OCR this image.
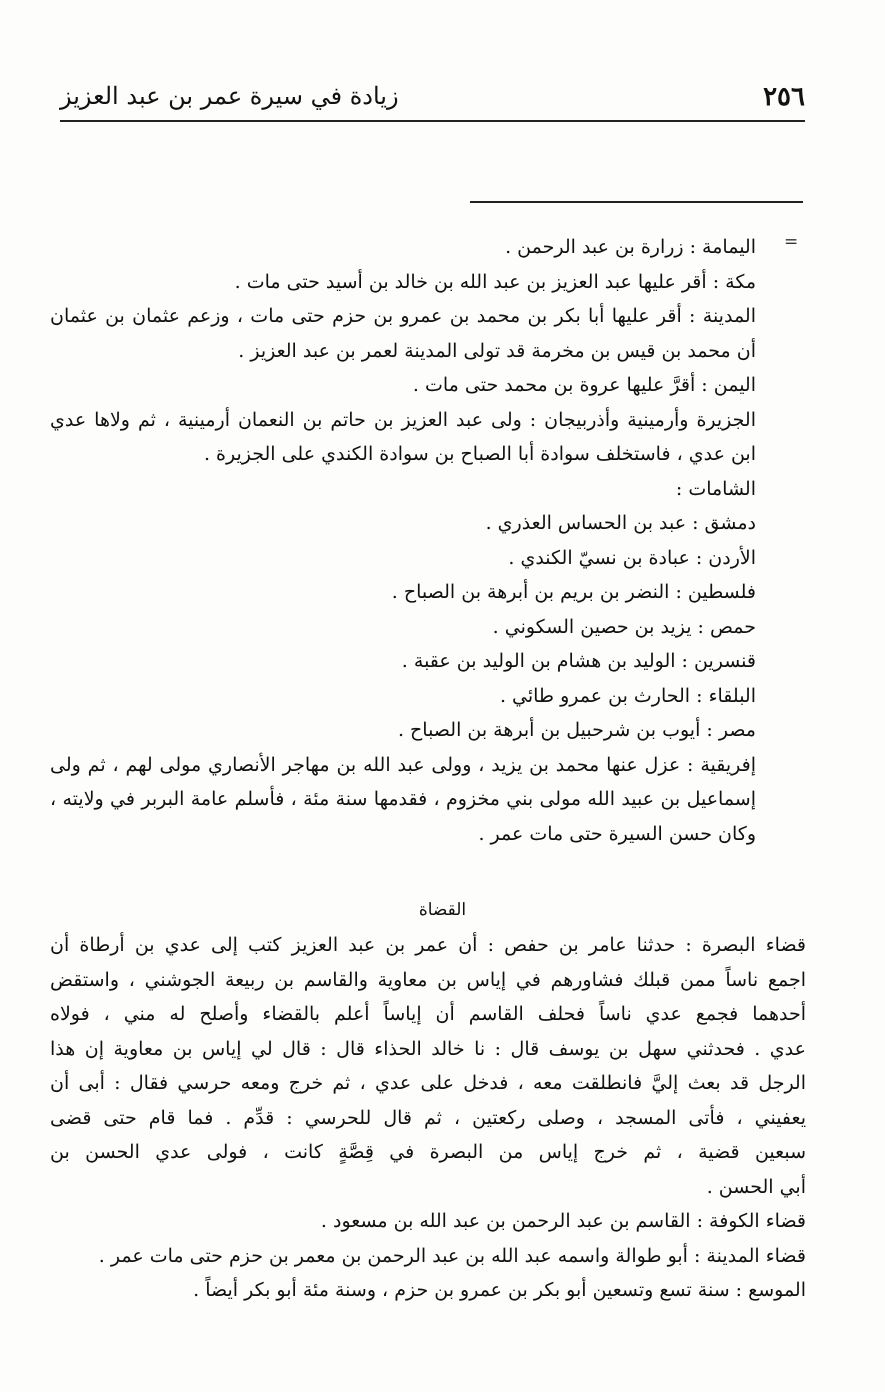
٢٥٦
زيادة في سيرة عمر بن عبد العزيز
=
اليمامة : زرارة بن عبد الرحمن .
مكة : أقر عليها عبد العزيز بن عبد الله بن خالد بن أسيد حتى مات .
المدينة : أقر عليها أبا بكر بن محمد بن عمرو بن حزم حتى مات ، وزعم عثمان بن عثمان
أن محمد بن قيس بن مخرمة قد تولى المدينة لعمر بن عبد العزيز .
اليمن : أقرَّ عليها عروة بن محمد حتى مات .
الجزيرة وأرمينية وأذربيجان : ولى عبد العزيز بن حاتم بن النعمان أرمينية ، ثم ولاها عدي
ابن عدي ، فاستخلف سوادة أبا الصباح بن سوادة الكندي على الجزيرة .
الشامات :
دمشق : عبد بن الحساس العذري .
الأردن : عبادة بن نسيّ الكندي .
فلسطين : النضر بن بريم بن أبرهة بن الصباح .
حمص : يزيد بن حصين السكوني .
قنسرين : الوليد بن هشام بن الوليد بن عقبة .
البلقاء : الحارث بن عمرو طائي .
مصر : أيوب بن شرحبيل بن أبرهة بن الصباح .
إفريقية : عزل عنها محمد بن يزيد ، وولى عبد الله بن مهاجر الأنصاري مولى لهم ، ثم ولى
إسماعيل بن عبيد الله مولى بني مخزوم ، فقدمها سنة مئة ، فأسلم عامة البربر في ولايته ،
وكان حسن السيرة حتى مات عمر .
القضاة
قضاء البصرة : حدثنا عامر بن حفص : أن عمر بن عبد العزيز كتب إلى عدي بن أرطاة أن
اجمع ناساً ممن قبلك فشاورهم في إياس بن معاوية والقاسم بن ربيعة الجوشني ، واستقض
أحدهما فجمع عدي ناساً فحلف القاسم أن إياساً أعلم بالقضاء وأصلح له مني ، فولاه
عدي . فحدثني سهل بن يوسف قال : نا خالد الحذاء قال : قال لي إياس بن معاوية إن هذا
الرجل قد بعث إليَّ فانطلقت معه ، فدخل على عدي ، ثم خرج ومعه حرسي فقال : أبى أن
يعفيني ، فأتى المسجد ، وصلى ركعتين ، ثم قال للحرسي : قدِّم . فما قام حتى قضى
سبعين قضية ، ثم خرج إياس من البصرة في قِصَّةٍ كانت ، فولى عدي الحسن بن
أبي الحسن .
قضاء الكوفة : القاسم بن عبد الرحمن بن عبد الله بن مسعود .
قضاء المدينة : أبو طوالة واسمه عبد الله بن عبد الرحمن بن معمر بن حزم حتى مات عمر .
الموسع : سنة تسع وتسعين أبو بكر بن عمرو بن حزم ، وسنة مئة أبو بكر أيضاً .
